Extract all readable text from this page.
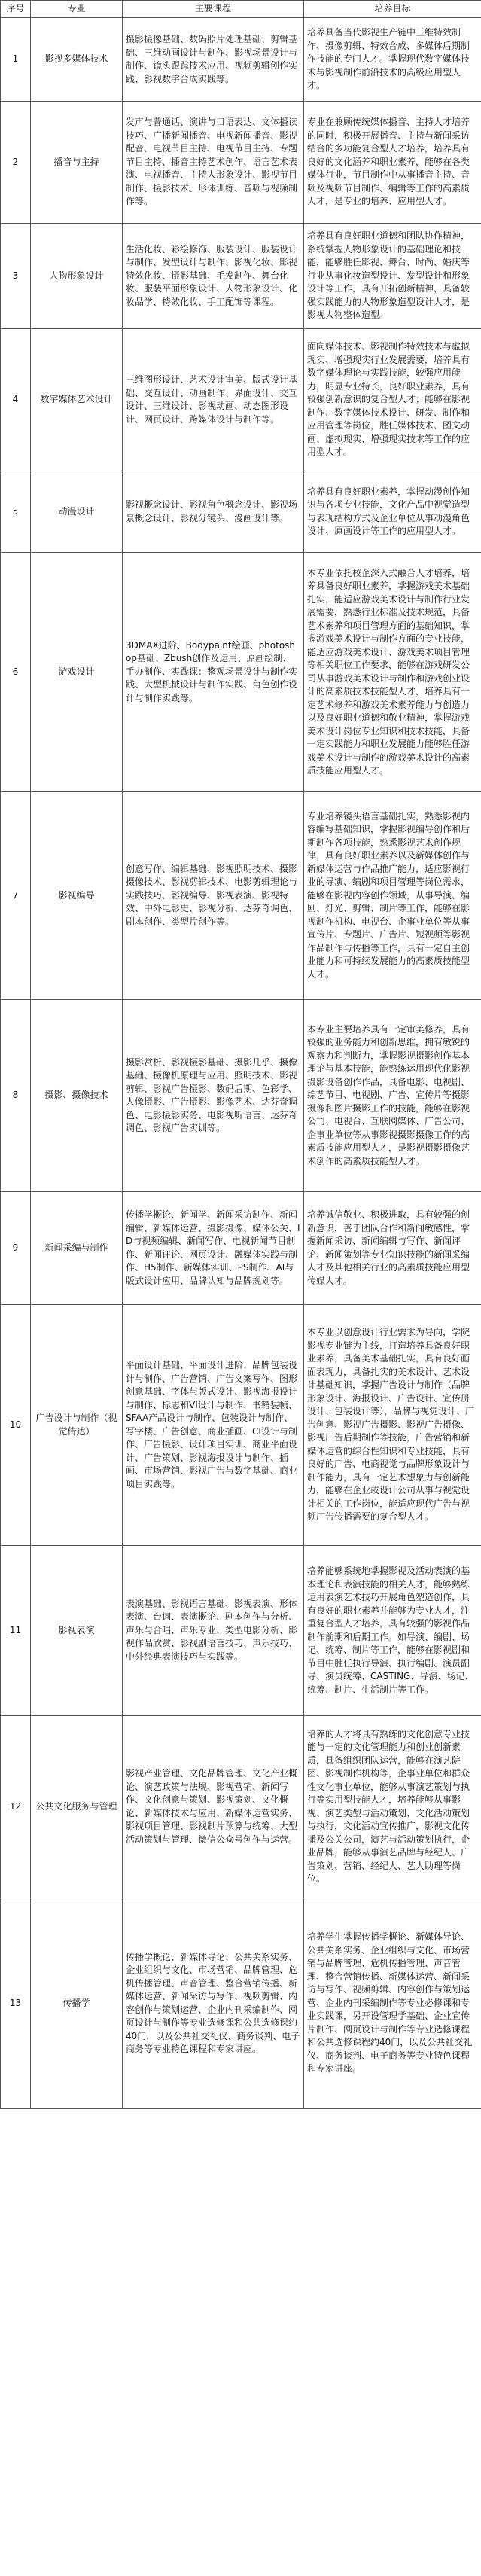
序号	专业	主要课程	培养目标
1	影视多媒体技术	摄影摄像基础、数码照片处理基础、剪辑基础、三维动画设计与制作、影视场景设计与制作、镜头跟踪技术应用、视频剪辑创作实践、影视数字合成实践等。	培养具备当代影视生产链中三维特效制作、摄像剪辑、特效合成、多媒体后期制作技能的专门人才。掌握现代数字媒体技术与影视制作前沿技术的高级应用型人才。
2	播音与主持	发声与普通话、演讲与口语表达、文体播读技巧、广播新闻播音、电视新闻播音、影视配音、电视节目主持、电视节目主持、专题节目主持、播音主持艺术创作、语言艺术表演、电视播音、主持人形象设计、影视节目制作、摄影技术、形体训练、音频与视频制作等。	专业在兼顾传统媒体播音、主持人才培养的同时，积极开展播音、主持与新闻采访结合的多功能复合型人才培养，培养具有良好的文化涵养和职业素养，能够在各类媒体行业，节目制作中从事播音主持、音频及视频节目制作、编辑等工作的高素质人才，是专业的培养、应用型人才。
3	人物形象设计	生活化妆、彩绘修饰、服装设计、服装设计与制作、发型设计与制作、影视化妆、影视特效化妆、摄影基础、毛发制作、舞台化妆、服装平面形象设计、人物形象设计、化妆品学、特效化妆、手工配饰等课程。	培养具有良好职业道德和团队协作精神，系统掌握人物形象设计的基础理论和技能，能够胜任影视、舞台、时尚、婚庆等行业从事化妆造型设计、发型设计和形象设计等工作，具有开拓创新精神，具备较强实践能力的人物形象造型设计人才，是影视人物整体造型。
4	数字媒体艺术设计	三维图形设计、艺术设计审美、版式设计基础、交互设计、动画制作、界面设计、交互设计、三维设计、影视动画、动态图形设计、网页设计、跨媒体设计与制作等。	面向媒体技术、影视制作特效技术与虚拟现实、增强现实行业发展需要，培养具有数字媒体理论与实践技能，较强应用能力，明显专业特长，良好职业素养，具有较强创新意识的复合型人才；能够在影视制作、数字媒体技术设计、研发、制作和应用管理等岗位，胜任媒体技术、图文动画、虚拟现实、增强现实技术等工作的应用型人才。
5	动漫设计	影视概念设计、影视角色概念设计、影视场景概念设计、影视分镜头、漫画设计等。	培养具有良好职业素养，掌握动漫创作知识与各项专业技能，文化产品中视觉造型与表现结构方式及企业单位从事动漫角色设计、原画设计等工作的应用型人才。
6	游戏设计	3DMAX进阶、Bodypaint绘画、photoshop基础、Zbush创作及运用、原画绘制、手办制作、实践课：整观场景设计与制作实践、大型机械设计与制作实践、角色创作设计与制作实践等。	本专业依托校企深入式融合人才培养，培养具备良好职业素养，掌握游戏美术基础扎实，能适应游戏美术设计与制作行业发展需要，熟悉行业标准及技术规范，具备艺术素养和项目管理方面的基础知识，掌握游戏美术设计与制作方面的专业技能，能适应游戏美术设计、游戏美术项目管理等相关职位工作要求，能够在游戏研发公司从事游戏美术设计与制作和游戏创业设计的高素质技术技能型人才，培养具有一定艺术修养和游戏美术素养能力与创造力以及良好职业道德和敬业精神，掌握游戏美术设计岗位专业知识和技术技能，具备一定实践能力和职业发展能力能够胜任游戏美术设计与制作的游戏美术设计的高素质技能应用型人才。
7	影视编导	创意写作、编辑基础、影视照明技术、摄影摄像技术、影视剪辑技术、电影剪辑理论与实践技巧、影视编导、影视表演、影视特效、中外电影史、影视分析、达芬奇调色、剧本创作、类型片创作等。	专业培养镜头语言基础扎实，熟悉影视内容编写基础知识，掌握影视编导创作和后期制作各项技能，熟悉影视艺术创作规律，具有良好职业素养以及新媒体创作与新媒体运营与作品推广能力，适应影视行业的导演、编剧和项目管理等岗位需求，能够在影视内容创作领域，从事导演、编剧、灯光、剪辑、制片等工作，能够在影视制作机构、电视台、企事业单位等从事宣传片、专题片、广告片、短视频等影视作品制作与传播等工作，具有一定自主创业能力和可持续发展能力的高素质技能型人才。
8	摄影、摄像技术	摄影赏析、影视摄影基础、摄影几乎、摄像基础、摄像机原理与应用、照明技术、影视剪辑、影视广告摄影、数码后期、色彩学、人像摄影、广告摄影、影像艺术、达芬奇调色、电影摄影实务、电影视听语言、达芬奇调色、影视广告实训等。	本专业主要培养具有一定审美修养，具有较强的业务能力和创新思维，拥有敏锐的观察力和判断力，掌握影视摄影创作基本理论与基本技能，能熟练运用现代化影视摄影设备创作作品，具备电影、电视剧、综艺节目、电视剧、广告、宣传片等摄影摄像和图片摄影工作的技能，能够在影视公司、电视台、互联网媒体、广告公司、企事业单位等从事影视摄影摄像工作的高素质技能应用型人才，是影视摄影摄像艺术创作的高素质技能型人才。
9	新闻采编与制作	传播学概论、新闻学、新闻采访制作、新闻编辑、新媒体运营、摄影摄像、媒体公关、ID与视频编辑、新闻写作、电视新闻节目制作、新闻评论、网页设计、融媒体实践与制作、H5制作、新媒体实训、PS制作、AI与版式设计应用、品牌认知与品牌规划等。	培养诚信敬业、积极进取，具有较强的创新意识，善于团队合作和新闻敏感性，掌握新闻采访、新闻编辑与写作、新闻评论、新闻策划等专业知识技能的新闻采编人才及其他相关行业的高素质技能应用型传媒人才。
10	广告设计与制作（视觉传达）	平面设计基础、平面设计进阶、品牌包装设计与制作、广告营销、广告文案写作、图形创意基础、字体与版式设计、影视海报设计与制作、标志和VI设计与制作、书籍装帧、SFAA产品设计与制作、包装设计与制作、写字楼、广告创意、商业插画、CI设计与制作、广告摄影、设计项目实训、商业平面设计、广告策划、影视海报设计与制作、插画、市场营销、影视广告与数字基础、商业项目实践等。	本专业以创意设计行业需求为导向，学院影视专业链为主线，打造培养具备良好职业素养，具备美术基础扎实，具有良好画面表现力，具备扎实的美术设计、艺术设计基础知识，掌握广告设计与制作（品牌形象设计、海报设计、广告设计、宣传册设计、包装设计等），品牌与视觉设计、广告创意、影视广告摄影、影视广告摄像、影视广告后期制作等技能，广告营销和新媒体运营的综合性知识和专业技能，具有良好的广告、电商视觉与品牌形象设计与制作能力，具有一定艺术想象力与创新能力，能够在企业或设计公司从事与视觉设计相关的工作岗位，能适应现代广告与视频广告传播需要的复合型人才。
11	影视表演	表演基础、影视语言基础、影视表演、形体表演、台词、表演概论、剧本创作与分析、声乐与合唱、声乐专业、类型电影分析、影视作品欣赏、影视剧语言技巧、声乐技巧、中外经典表演技巧与实践等。	培养能够系统地掌握影视及活动表演的基本理论和表演技能的相关人才，能够熟练运用表演艺术技巧开展角色塑造创作，具有良好的职业素养并能够为专业人才，注重复合型人才培养，具有较强的影视作品制作前期和后期工作。如导演、编剧、场记、统筹、制片等工作，能够在影视剧和节目中胜任执行导演、执行编剧、演员副导、演员统筹、CASTING、导演、场记、统筹、制片、生活制片等工作。
12	公共文化服务与管理	影视产业管理、文化品牌管理、文化产业概论、演艺政策与法规、影视营销、新闻写作、文化创意与策划、影视策划、文化概论、新媒体技术与应用、新媒体运营实务、影视项目管理、影视制片预算与统筹、大型活动策划与管理、微信公众号创作与运营。	培养的人才将具有熟练的文化创意专业技能与一定的文化管理能力和创业创新素质，具备组织团队运营，能够在演艺院团、影视制作机构等，企事业单位和群众性文化事业单位，能够从事演艺策划与执行等实用型技能人才，培养能够从事影视、演艺类型与活动策划、文化活动策划与执行，文化活动宣传推广，影视文化传播及公关公司，演艺与活动策划执行，企业品牌，能够从事演艺品牌与经纪人、广告策划、营销、经纪人、艺人助理等岗位。
13	传播学	传播学概论、新媒体导论、公共关系实务、企业组织与文化、市场营销、品牌管理、危机传播管理、声音管理、整合营销传播、新媒体运营、新闻采访与写作、视频剪辑、内容创作与策划运营、企业内刊采编制作、网页设计与制作等专业选修课和公共选修课约40门，以及公共社交礼仪、商务谈判、电子商务等专业特色课程和专家讲座。	培养学生掌握传播学概论、新媒体导论、公共关系实务、企业组织与文化、市场营销与品牌管理、危机传播管理、声音管理、整合营销传播、新媒体运营、新闻采访与写作、视频剪辑、内容创作与策划运营、企业内刊采编制作等专业必修课和专业实践课，另开设管理学基础、企业宣传片制作、网页设计与制作等专业选修课程和公共选修课程约40门，以及公共社交礼仪、商务谈判、电子商务等专业特色课程和专家讲座。
